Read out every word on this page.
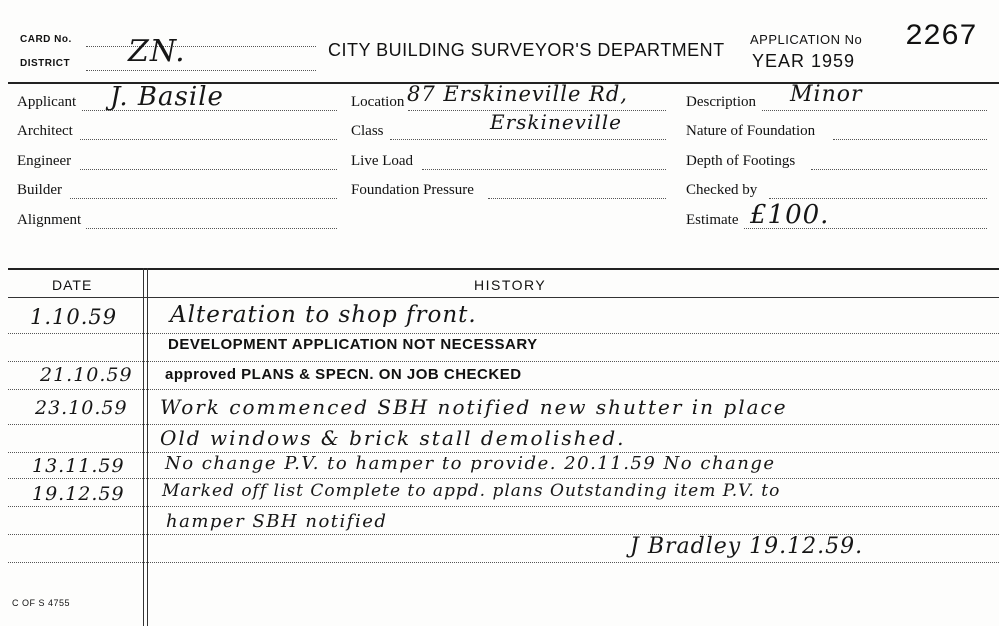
CARD No.
DISTRICT ZN.	CITY BUILDING SURVEYOR'S DEPARTMENT
APPLICATION No 2267
YEAR 1959
Applicant J. Basile
Architect
Engineer
Builder
Alignment
Location 87 Erskineville Rd,
Erskineville
Class
Live Load
Foundation Pressure
Description Minor
Nature of Foundation
Depth of Footings
Checked by
Estimate £100.
DATE	HISTORY
1.10.59 Alteration to shop front.
DEVELOPMENT APPLICATION NOT NECESSARY
21.10.59 approved PLANS & SPECN. ON JOB CHECKED
23.10.59 Work commenced SBH notified new shutter in place
Old windows & brick stall demolished.
13.11.59 No change P.V. to hamper to provide. 20.11.59 No change
19.12.59 Marked off list Complete to appd. plans Outstanding item P.V. to
hamper SBH notified
J Bradley 19.12.59.
C OF S 4755
